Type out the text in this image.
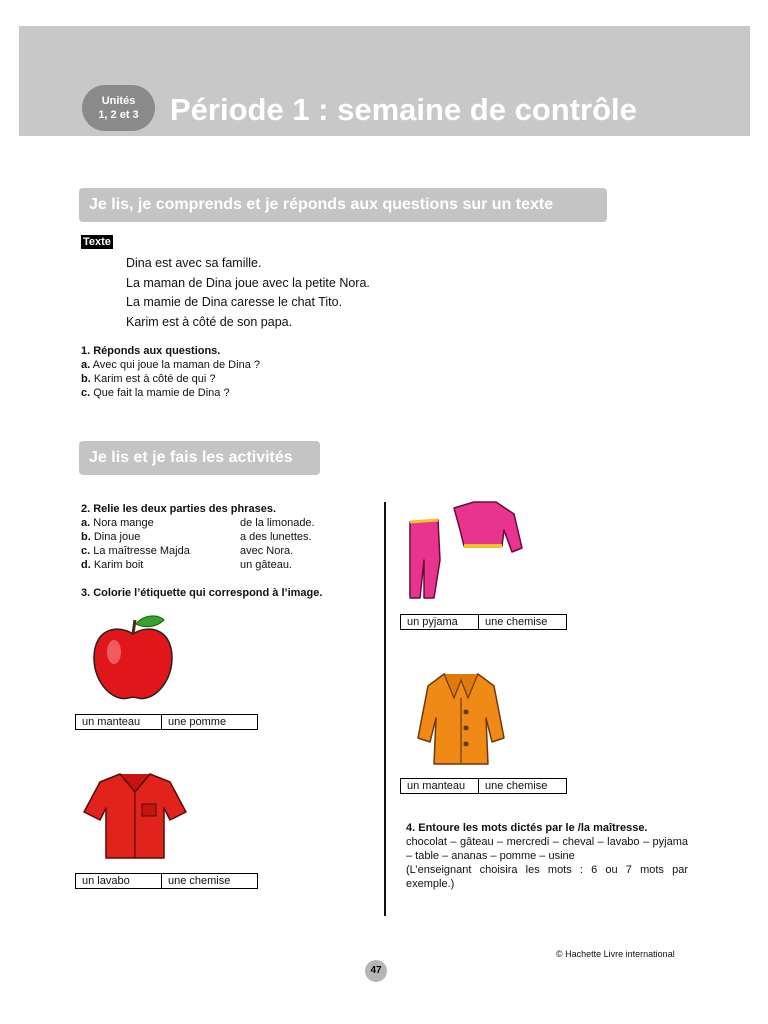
Unités
1, 2 et 3	Période 1 : semaine de contrôle
Je lis, je comprends et je réponds aux questions sur un texte
Texte
Dina est avec sa famille.
La maman de Dina joue avec la petite Nora.
La mamie de Dina caresse le chat Tito.
Karim est à côté de son papa.
1. Réponds aux questions.
a. Avec qui joue la maman de Dina ?
b. Karim est à côté de qui ?
c. Que fait la mamie de Dina ?
Je lis et je fais les activités
2. Relie les deux parties des phrases.
a. Nora mange	de la limonade.
b. Dina joue	a des lunettes.
c. La maîtresse Majda	avec Nora.
d. Karim boit	un gâteau.
3. Colorie l’étiquette qui correspond à l’image.
un manteau	une pomme
un lavabo	une chemise
un pyjama	une chemise
un manteau	une chemise
4. Entoure les mots dictés par le /la maîtresse.
chocolat – gâteau – mercredi – cheval – lavabo – pyjama – table – ananas – pomme – usine
(L’enseignant choisira les mots : 6 ou 7 mots par exemple.)
© Hachette Livre international
47
